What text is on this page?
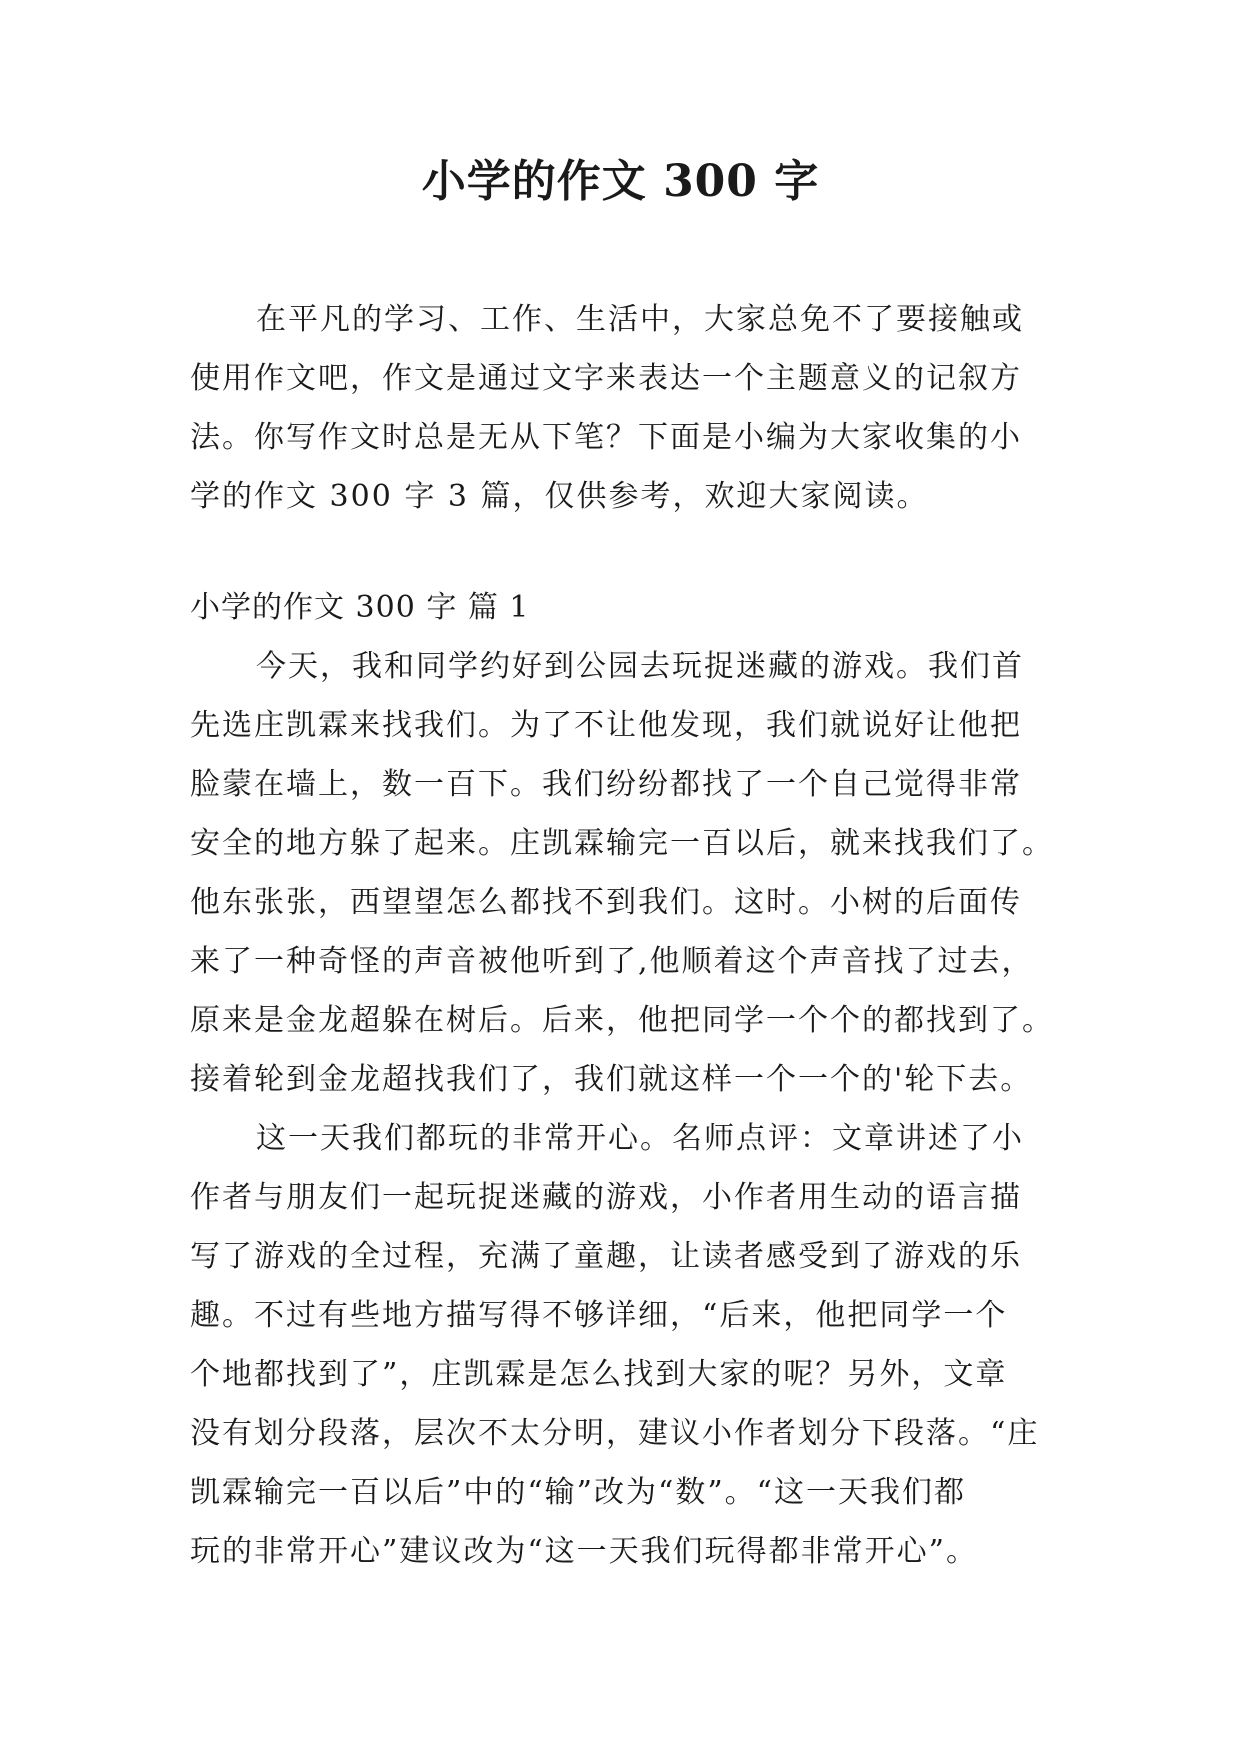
小学的作文 300 字
在平凡的学习、工作、生活中，大家总免不了要接触或
使用作文吧，作文是通过文字来表达一个主题意义的记叙方
法。你写作文时总是无从下笔？下面是小编为大家收集的小
学的作文 300 字 3 篇，仅供参考，欢迎大家阅读。
小学的作文 300 字 篇 1
今天，我和同学约好到公园去玩捉迷藏的游戏。我们首
先选庄凯霖来找我们。为了不让他发现，我们就说好让他把
脸蒙在墙上，数一百下。我们纷纷都找了一个自己觉得非常
安全的地方躲了起来。庄凯霖输完一百以后，就来找我们了。
他东张张，西望望怎么都找不到我们。这时。小树的后面传
来了一种奇怪的声音被他听到了,他顺着这个声音找了过去，
原来是金龙超躲在树后。后来，他把同学一个个的都找到了。
接着轮到金龙超找我们了，我们就这样一个一个的'轮下去。
这一天我们都玩的非常开心。名师点评：文章讲述了小
作者与朋友们一起玩捉迷藏的游戏，小作者用生动的语言描
写了游戏的全过程，充满了童趣，让读者感受到了游戏的乐
趣。不过有些地方描写得不够详细，“后来，他把同学一个
个地都找到了”，庄凯霖是怎么找到大家的呢？另外，文章
没有划分段落，层次不太分明，建议小作者划分下段落。“庄
凯霖输完一百以后”中的“输”改为“数”。“这一天我们都
玩的非常开心”建议改为“这一天我们玩得都非常开心”。
